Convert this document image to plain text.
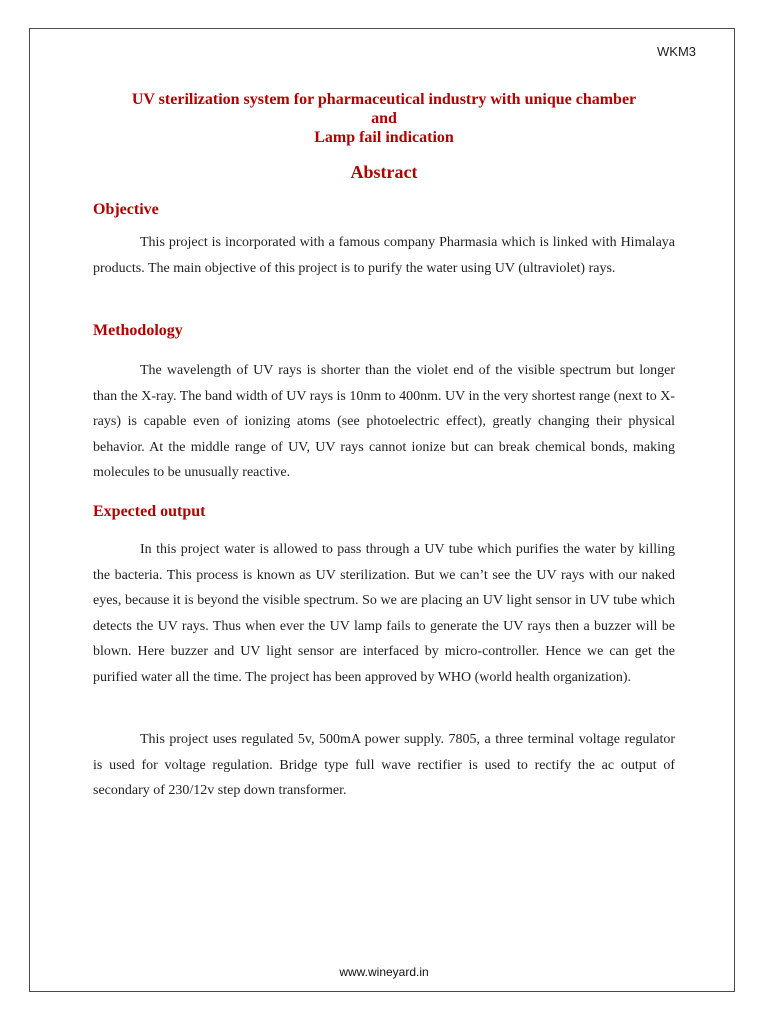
WKM3
UV sterilization system for pharmaceutical industry with unique chamber
and
Lamp fail indication
Abstract
Objective
This project is incorporated with a famous company Pharmasia which is linked with Himalaya products. The main objective of this project is to purify the water using UV (ultraviolet) rays.
Methodology
The wavelength of UV rays is shorter than the violet end of the visible spectrum but longer than the X-ray. The band width of UV rays is 10nm to 400nm. UV in the very shortest range (next to X-rays) is capable even of ionizing atoms (see photoelectric effect), greatly changing their physical behavior. At the middle range of UV, UV rays cannot ionize but can break chemical bonds, making molecules to be unusually reactive.
Expected output
In this project water is allowed to pass through a UV tube which purifies the water by killing the bacteria. This process is known as UV sterilization. But we can’t see the UV rays with our naked eyes, because it is beyond the visible spectrum. So we are placing an UV light sensor in UV tube which detects the UV rays. Thus when ever the UV lamp fails to generate the UV rays then a buzzer will be blown. Here buzzer and UV light sensor are interfaced by micro-controller. Hence we can get the purified water all the time. The project has been approved by WHO (world health organization).
This project uses regulated 5v, 500mA power supply. 7805, a three terminal voltage regulator is used for voltage regulation. Bridge type full wave rectifier is used to rectify the ac output of secondary of 230/12v step down transformer.
www.wineyard.in
